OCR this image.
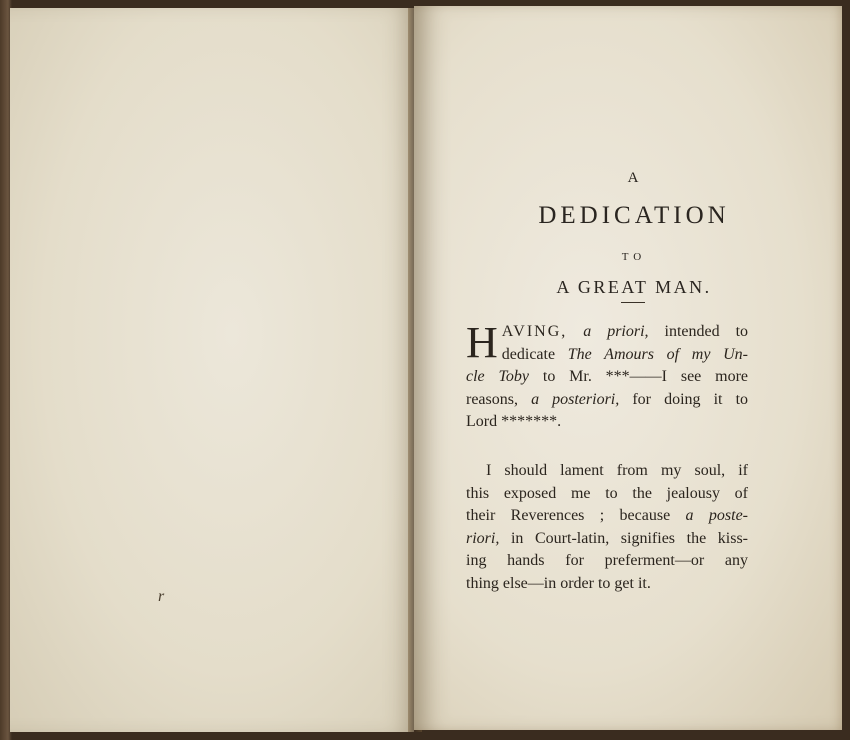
r

A
DEDICATION
TO
A GREAT MAN.
H AVING, a priori, intended to
dedicate The Amours of my Un-
cle Toby to Mr. ***——I see more
reasons, a posteriori, for doing it to
Lord *******.
I should lament from my soul, if
this exposed me to the jealousy of
their Reverences ; because a poste-
riori, in Court-latin, signifies the kiss-
ing hands for preferment—or any
thing else—in order to get it.
